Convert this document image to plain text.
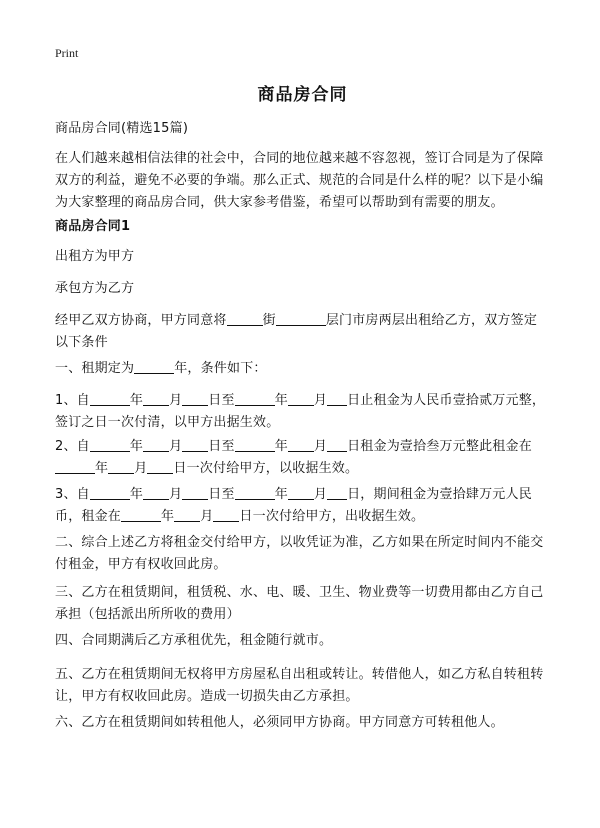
Print
商品房合同
商品房合同(精选15篇)
在人们越来越相信法律的社会中，合同的地位越来越不容忽视，签订合同是为了保障双方的利益，避免不必要的争端。那么正式、规范的合同是什么样的呢？以下是小编为大家整理的商品房合同，供大家参考借鉴，希望可以帮助到有需要的朋友。
商品房合同1
出租方为甲方
承包方为乙方
经甲乙双方协商，甲方同意将	街	层门市房两层出租给乙方，双方签定以下条件
一、租期定为	年，条件如下：
1、自	年 月 日至	年 月 日止租金为人民币壹拾贰万元整，签订之日一次付清，以甲方出据生效。
2、自	年 月 日至	年 月 日租金为壹拾叁万元整此租金在年 月 日一次付给甲方，以收据生效。
3、自	年 月 日至	年 月 日，期间租金为壹拾肆万元人民币，租金在	年 月 日一次付给甲方，出收据生效。
二、综合上述乙方将租金交付给甲方，以收凭证为准，乙方如果在所定时间内不能交付租金，甲方有权收回此房。
三、乙方在租赁期间，租赁税、水、电、暖、卫生、物业费等一切费用都由乙方自己承担（包括派出所所收的费用）
四、合同期满后乙方承租优先，租金随行就市。
五、乙方在租赁期间无权将甲方房屋私自出租或转让。转借他人，如乙方私自转租转让，甲方有权收回此房。造成一切损失由乙方承担。
六、乙方在租赁期间如转租他人，必须同甲方协商。甲方同意方可转租他人。
